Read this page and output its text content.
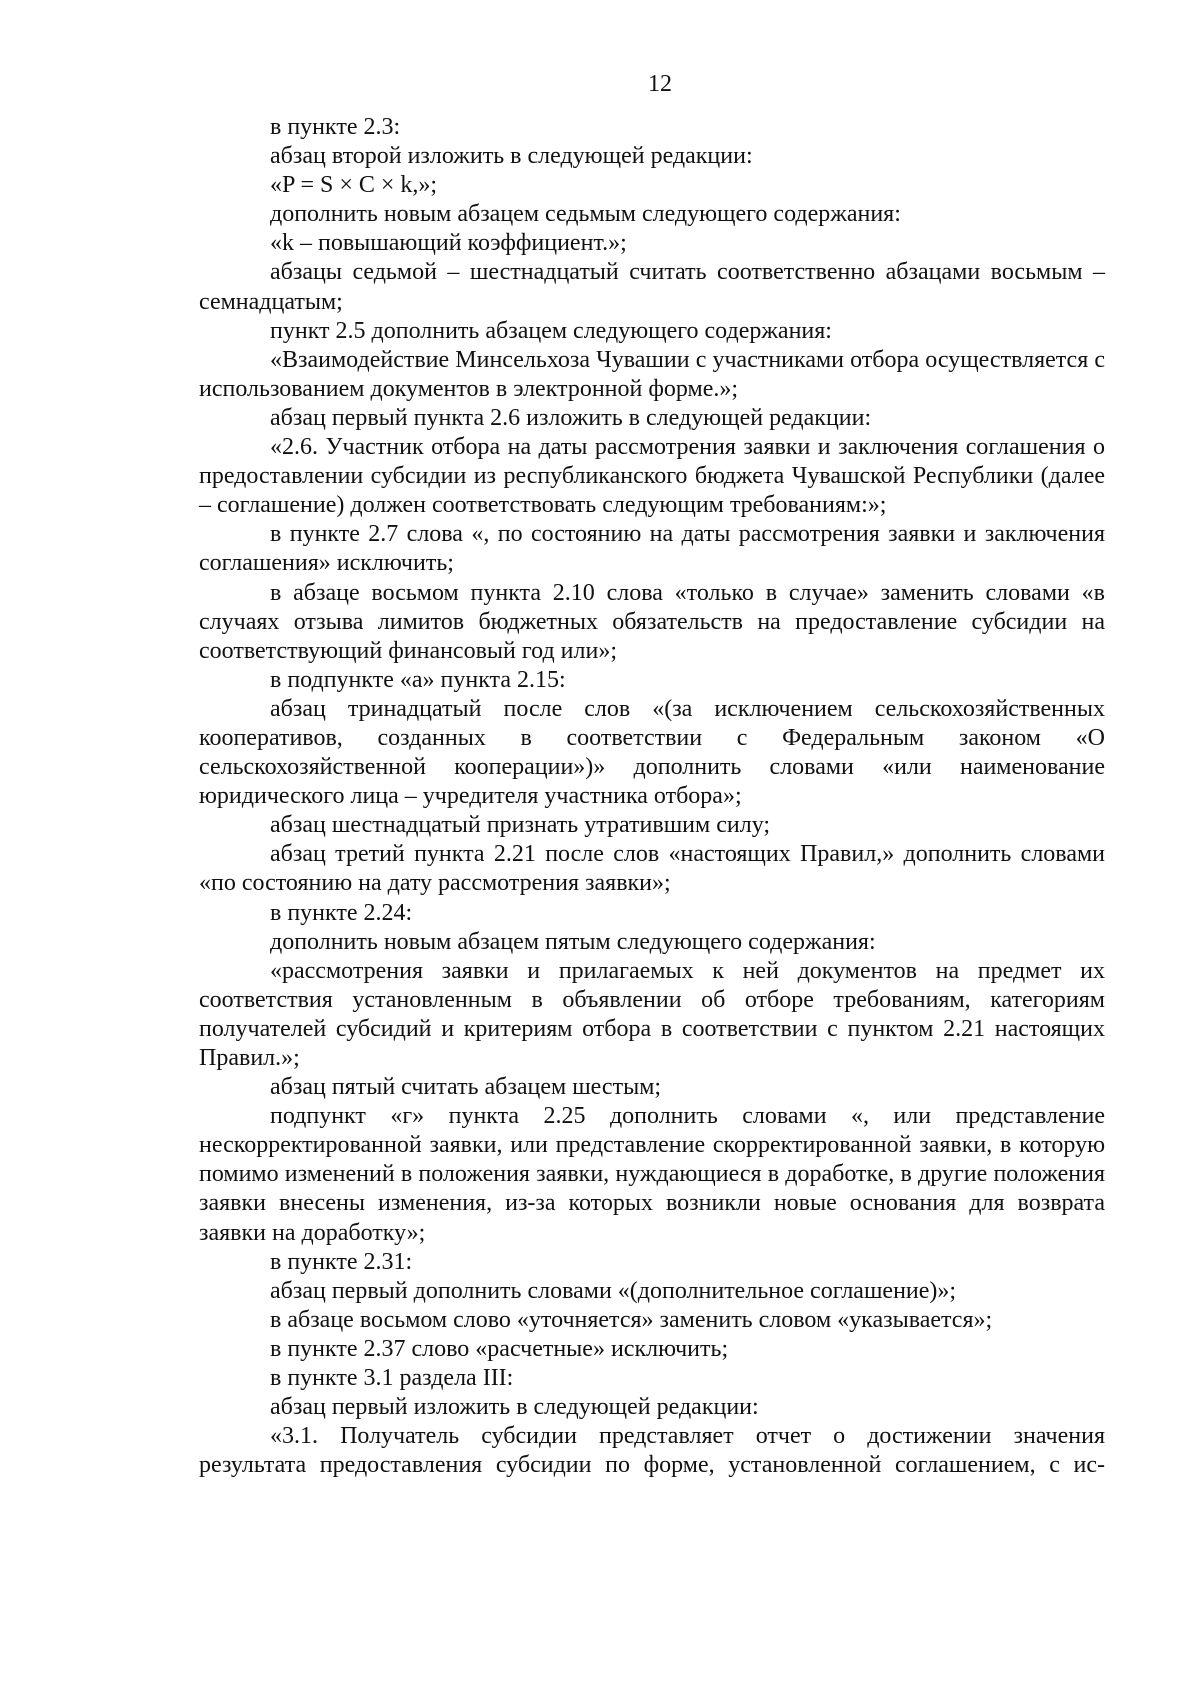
12

в пункте 2.3:

абзац второй изложить в следующей редакции:

«P = S × C × k,»;

дополнить новым абзацем седьмым следующего содержания:

«k – повышающий коэффициент.»;

абзацы седьмой – шестнадцатый считать соответственно абзацами восьмым – семнадцатым;

пункт 2.5 дополнить абзацем следующего содержания:

«Взаимодействие Минсельхоза Чувашии с участниками отбора осуществляется с использованием документов в электронной форме.»;

абзац первый пункта 2.6 изложить в следующей редакции:

«2.6. Участник отбора на даты рассмотрения заявки и заключения соглашения о предоставлении субсидии из республиканского бюджета Чувашской Республики (далее – соглашение) должен соответствовать следующим требованиям:»;

в пункте 2.7 слова «, по состоянию на даты рассмотрения заявки и заключения соглашения» исключить;

в абзаце восьмом пункта 2.10 слова «только в случае» заменить словами «в случаях отзыва лимитов бюджетных обязательств на предоставление субсидии на соответствующий финансовый год или»;

в подпункте «а» пункта 2.15:

абзац тринадцатый после слов «(за исключением сельскохозяйственных кооперативов, созданных в соответствии с Федеральным законом «О сельскохозяйственной кооперации»)» дополнить словами «или наименование юридического лица – учредителя участника отбора»;

абзац шестнадцатый признать утратившим силу;

абзац третий пункта 2.21 после слов «настоящих Правил,» дополнить словами «по состоянию на дату рассмотрения заявки»;

в пункте 2.24:

дополнить новым абзацем пятым следующего содержания:

«рассмотрения заявки и прилагаемых к ней документов на предмет их соответствия установленным в объявлении об отборе требованиям, категориям получателей субсидий и критериям отбора в соответствии с пунктом 2.21 настоящих Правил.»;

абзац пятый считать абзацем шестым;

подпункт «г» пункта 2.25 дополнить словами «, или представление нескорректированной заявки, или представление скорректированной заявки, в которую помимо изменений в положения заявки, нуждающиеся в доработке, в другие положения заявки внесены изменения, из-за которых возникли новые основания для возврата заявки на доработку»;

в пункте 2.31:

абзац первый дополнить словами «(дополнительное соглашение)»;

в абзаце восьмом слово «уточняется» заменить словом «указывается»;

в пункте 2.37 слово «расчетные» исключить;

в пункте 3.1 раздела III:

абзац первый изложить в следующей редакции:

«3.1. Получатель субсидии представляет отчет о достижении значения результата предоставления субсидии по форме, установленной соглашением, с ис-
